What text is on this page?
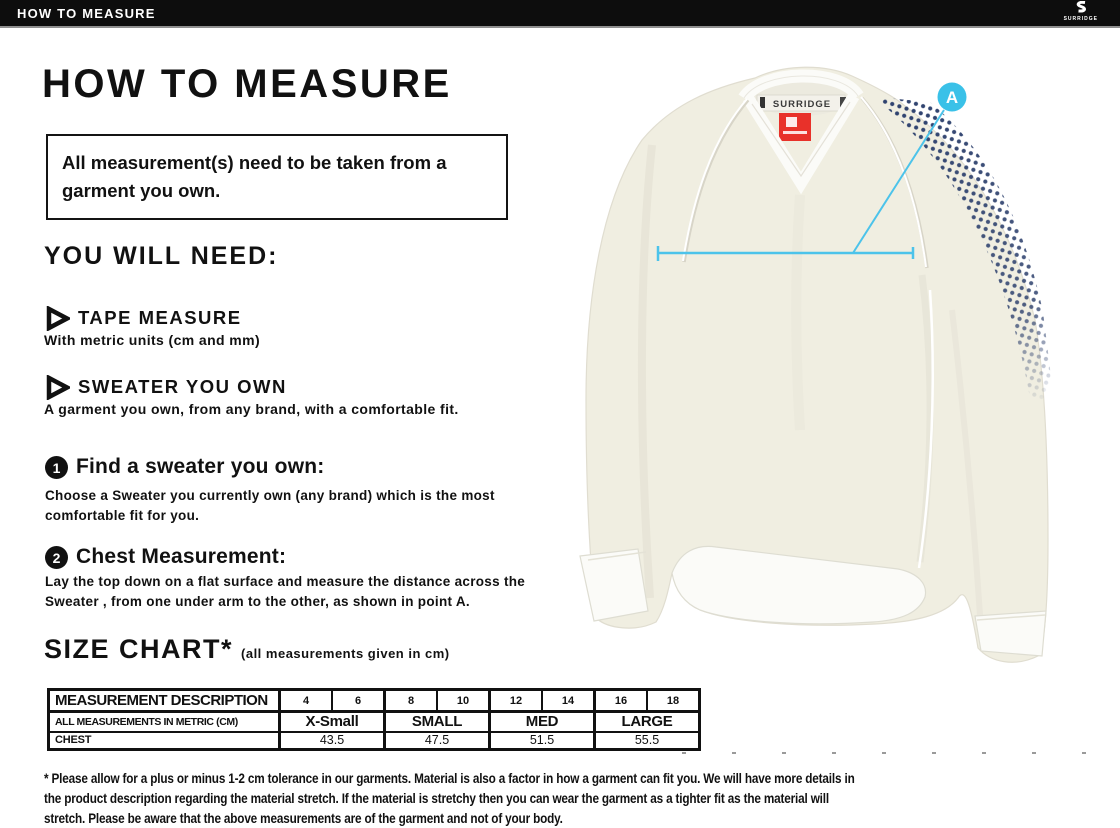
HOW TO MEASURE	SURRIDGE
HOW TO MEASURE
All measurement(s) need to be taken from a garment you own.
YOU WILL NEED:
TAPE MEASURE
With metric units (cm and mm)
SWEATER YOU OWN
A garment you own, from any brand, with a comfortable fit.
1 Find a sweater you own:
Choose a Sweater you currently own (any brand) which is the most comfortable fit for you.
2 Chest Measurement:
Lay the top down on a flat surface and measure the distance across the Sweater , from one under arm to the other, as shown in point A.
SIZE CHART* (all measurements given in cm)
MEASUREMENT DESCRIPTION	4	6	8	10	12	14	16	18
ALL MEASUREMENTS IN METRIC (CM)	X-Small		SMALL		MED		LARGE	
CHEST	43.5		47.5		51.5		55.5	
* Please allow for a plus or minus 1-2 cm tolerance in our garments. Material is also a factor in how a garment can fit you. We will have more details in the product description regarding the material stretch. If the material is stretchy then you can wear the garment as a tighter fit as the material will stretch. Please be aware that the above measurements are of the garment and not of your body.
SURRIDGE	A
